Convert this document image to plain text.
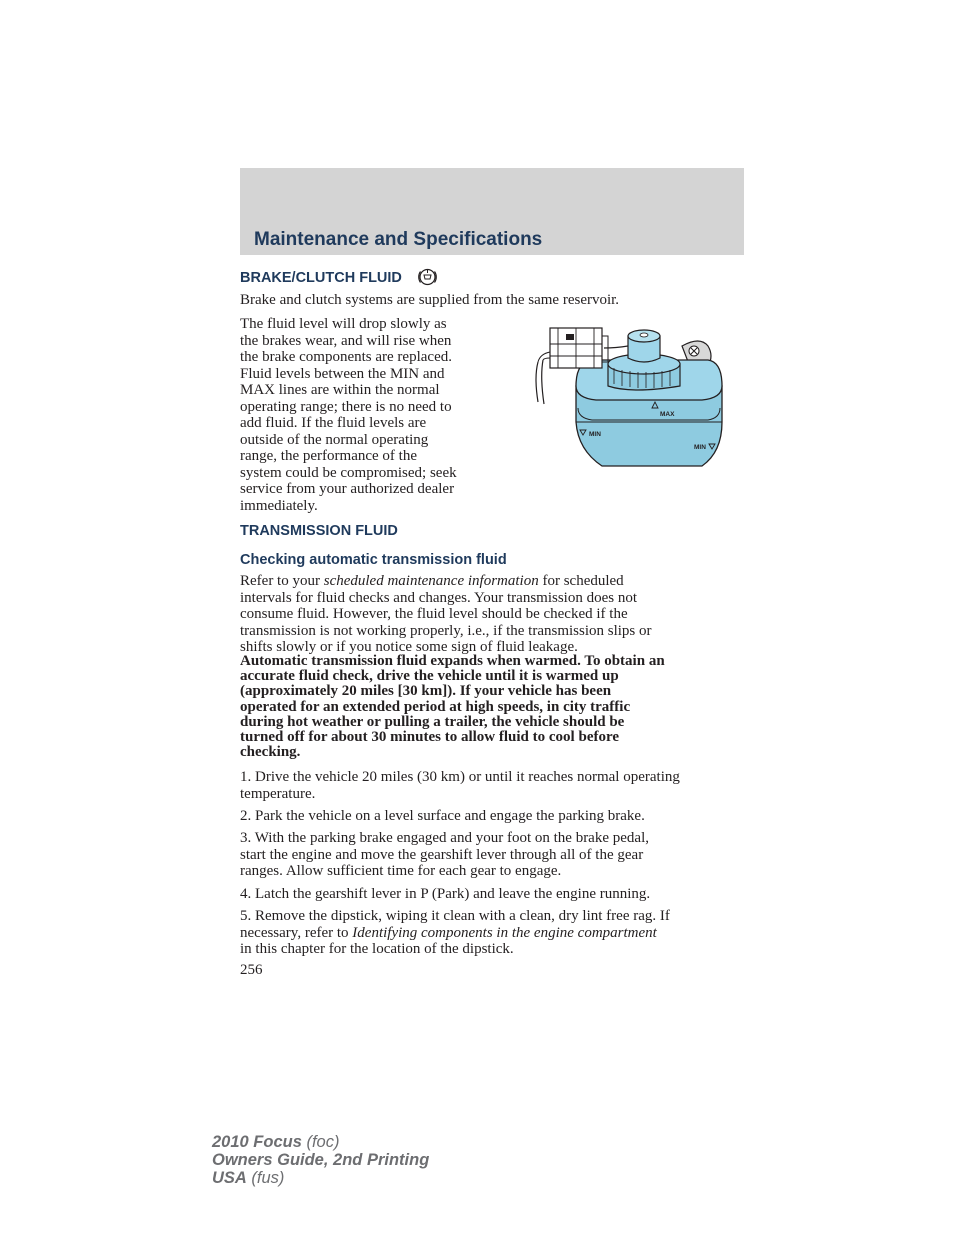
Maintenance and Specifications
BRAKE/CLUTCH FLUID
Brake and clutch systems are supplied from the same reservoir.
The fluid level will drop slowly as
the brakes wear, and will rise when
the brake components are replaced.
Fluid levels between the MIN and
MAX lines are within the normal
operating range; there is no need to
add fluid. If the fluid levels are
outside of the normal operating
range, the performance of the
system could be compromised; seek
service from your authorized dealer
immediately.
MAX
MIN
MIN
TRANSMISSION FLUID
Checking automatic transmission fluid
Refer to your scheduled maintenance information for scheduled
intervals for fluid checks and changes. Your transmission does not
consume fluid. However, the fluid level should be checked if the
transmission is not working properly, i.e., if the transmission slips or
shifts slowly or if you notice some sign of fluid leakage.
Automatic transmission fluid expands when warmed. To obtain an
accurate fluid check, drive the vehicle until it is warmed up
(approximately 20 miles [30 km]). If your vehicle has been
operated for an extended period at high speeds, in city traffic
during hot weather or pulling a trailer, the vehicle should be
turned off for about 30 minutes to allow fluid to cool before
checking.
1. Drive the vehicle 20 miles (30 km) or until it reaches normal operating
temperature.
2. Park the vehicle on a level surface and engage the parking brake.
3. With the parking brake engaged and your foot on the brake pedal,
start the engine and move the gearshift lever through all of the gear
ranges. Allow sufficient time for each gear to engage.
4. Latch the gearshift lever in P (Park) and leave the engine running.
5. Remove the dipstick, wiping it clean with a clean, dry lint free rag. If
necessary, refer to Identifying components in the engine compartment
in this chapter for the location of the dipstick.
256
2010 Focus (foc)
Owners Guide, 2nd Printing
USA (fus)
